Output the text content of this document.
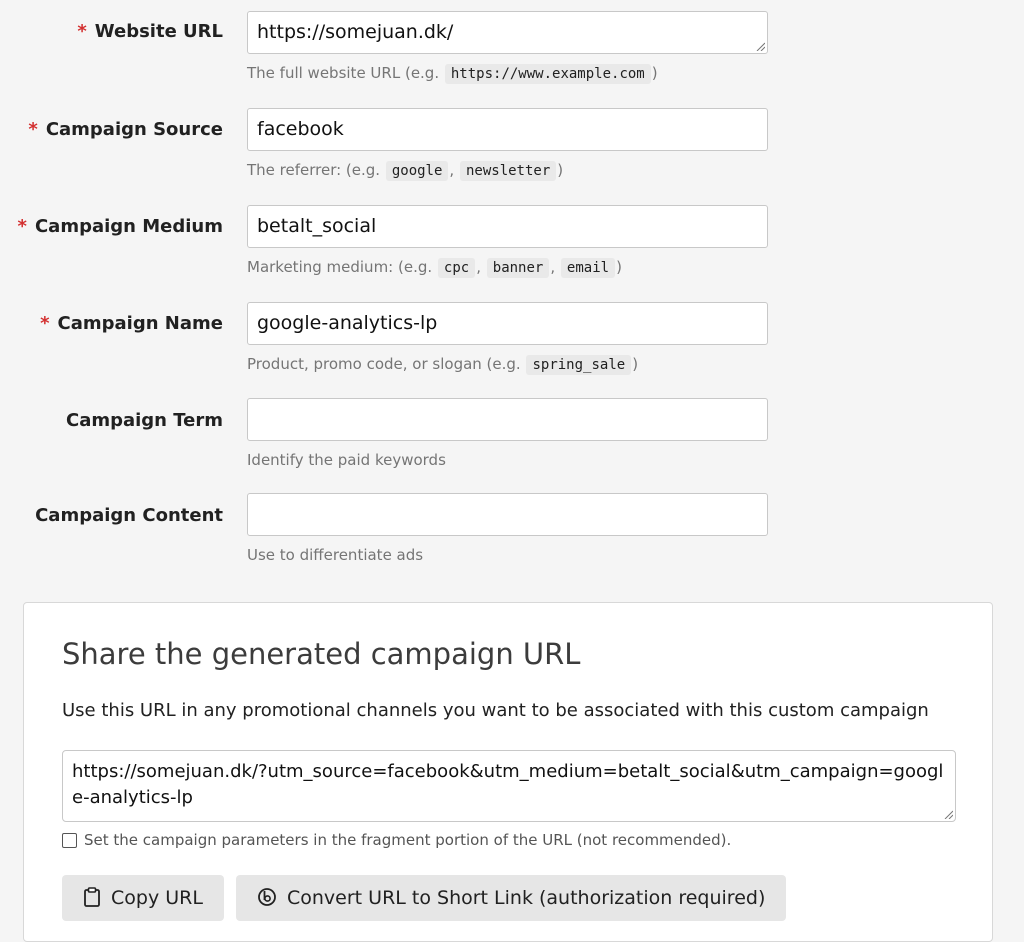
* Website URL	https://somejuan.dk/
The full website URL (e.g. https://www.example.com )
* Campaign Source	facebook
The referrer: (e.g. google , newsletter )
* Campaign Medium	betalt_social
Marketing medium: (e.g. cpc , banner , email )
* Campaign Name	google-analytics-lp
Product, promo code, or slogan (e.g. spring_sale )
Campaign Term
Identify the paid keywords
Campaign Content
Use to differentiate ads
Share the generated campaign URL
Use this URL in any promotional channels you want to be associated with this custom campaign
https://somejuan.dk/?utm_source=facebook&utm_medium=betalt_social&utm_campaign=google-analytics-lp
Set the campaign parameters in the fragment portion of the URL (not recommended).
Copy URL	Convert URL to Short Link (authorization required)
